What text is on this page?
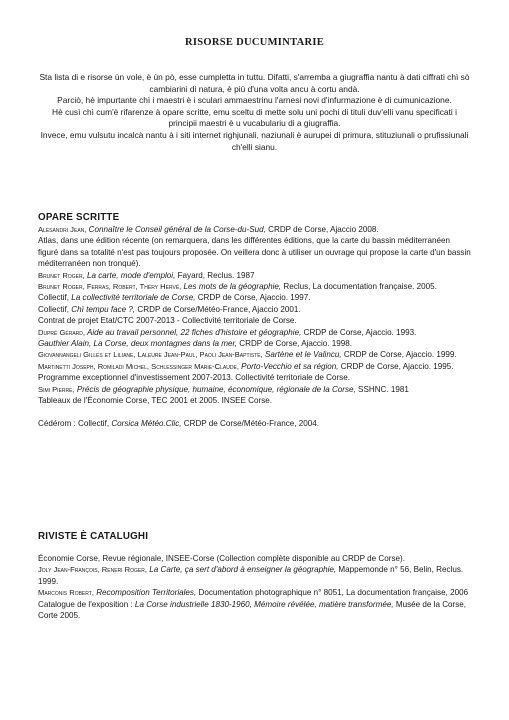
RISORSE DUCUMINTARIE

Sta lista di e risorse ùn vole, è ùn pò, esse cumpletta in tuttu. Difatti, s'arremba a giugraffia nantu à dati ciffrati chì sò cambiarini di natura, è più d'una volta ancu à cortu andà.

Parciò, hè impurtante chì i maestri è i sculari ammaestrinu l'arnesi novi d'infurmazione è di cumunicazione.

Hè cusì chì cum'è rifarenze à opare scritte, emu sceltu di mette solu uni pochi di tituli duv'elli vanu specificati i principii maestri è u vucabulariu di a giugraffia.

Invece, emu vulsutu incalcà nantu à i siti internet righjunali, naziunali è aurupei di primura, stituziunali o prufissiunali ch'elli sianu.

OPARE SCRITTE

Alesandri Jean, Connaître le Conseil général de la Corse-du-Sud, CRDP de Corse, Ajaccio 2008.

Atlas, dans une édition récente (on remarquera, dans les différentes éditions, que la carte du bassin méditerranéen figuré dans sa totalité n'est pas toujours proposée. On veillera donc à utiliser un ouvrage qui propose la carte d'un bassin méditerranéen non tronqué).

Brunet Roger, La carte, mode d'emploi, Fayard, Reclus. 1987

Brunet Roger, Ferras, Robert, Théry Hervé, Les mots de la géographie, Reclus, La documentation française. 2005.

Collectif, La collectivité territoriale de Corse, CRDP de Corse, Ajaccio. 1997.

Collectif, Chì tempu face ?, CRDP de Corse/Météo-France, Ajaccio 2001.

Contrat de projet Etat/CTC 2007-2013 - Collectivité territoriale de Corse.

Dupré Gérard, Aide au travail personnel, 22 fiches d'histoire et géographie, CRDP de Corse, Ajaccio. 1993.

Gauthier Alain, La Corse, deux montagnes dans la mer, CRDP de Corse, Ajaccio. 1998.

Giovannangeli Gilles et Liliane, Laleure Jean-Paul, Paoli Jean-Baptiste, Sartène et le Valincu, CRDP de Corse, Ajaccio. 1999.

Martinetti Joseph, Romiladi Michel, Schlessinger Marie-Claude, Porto-Vecchio et sa région, CRDP de Corse, Ajaccio. 1995.

Programme exceptionnel d'investissement 2007-2013. Collectivité territoriale de Corse.

Simi Pierre, Précis de géographie physique, humaine, économique, régionale de la Corse, SSHNC. 1981

Tableaux de l'Économie Corse, TEC 2001 et 2005. INSEE Corse.

Cédérom : Collectif, Corsica Météo.Clic, CRDP de Corse/Météo-France, 2004.

RIVISTE È CATALUGHI

Économie Corse, Revue régionale, INSEE-Corse (Collection complète disponible au CRDP de Corse).

Joly Jean-François, Reneri Roger, La Carte, ça sert d'abord à enseigner la géographie, Mappemonde n° 56, Belin, Reclus. 1999.

Marconis Robert, Recomposition Territoriales, Documentation photographique n° 8051, La documentation française, 2006

Catalogue de l'exposition : La Corse industrielle 1830-1960, Mémoire révélée, matière transformée, Musée de la Corse, Corte 2005.
